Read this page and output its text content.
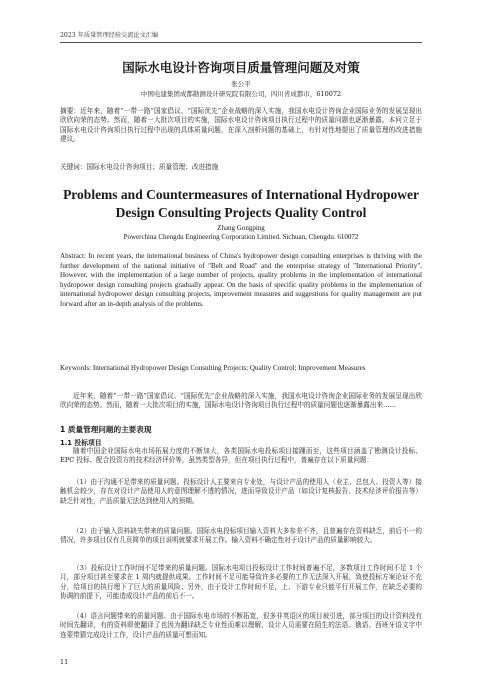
2023 年质量管理经验交流论文汇编
国际水电设计咨询项目质量管理问题及对策
张公平
中国电建集团成都勘测设计研究院有限公司，四川省成都市，610072
摘要：近年来，随着“一带一路”国家倡议、“国际优先”企业战略的深入实施，我国水电设计咨询企业国际业务的发展呈现出欣欣向荣的态势。然而，随着一大批次项目的实施，国际水电设计咨询项目执行过程中的质量问题也逐渐暴露。本问立足于国际水电设计咨询项目执行过程中出现的具体质量问题，在深入剖析问题的基础上，有针对性地提出了质量管理的改进措施建议。
关键词：国际水电设计咨询项目；质量管理；改进措施
Problems and Countermeasures of International Hydropower Design Consulting Projects Quality Control
Zhang Gongping
Powerchina Chengdu Engineering Corporation Limited. Sichuan, Chengdu. 610072
Abstract: In recent years, the international business of China's hydropower design consulting enterprises is thriving with the further development of the national initiative of "Belt and Road" and the enterprise strategy of "International Priority". However, with the implementation of a large number of projects, quality problems in the implementation of international hydropower design consulting projects gradually appear. On the basis of specific quality problems in the implementation of international hydropower design consulting projects, improvement measures and suggestions for quality management are put forward after an in-depth analysis of the problems.
Keywords: International Hydropower Design Consulting Projects; Quality Control; Improvement Measures
近年来，随着“一带一路”国家倡议、“国际优先”企业战略的深入实施，我国水电设计咨询企业国际业务的发展呈现出欣欣向荣的态势。然而，随着一大批次项目的实施，国际水电设计咨询项目执行过程中的质量问题也逐渐暴露出来……
1 质量管理问题的主要表现
1.1 投标项目
随着中国企业国际水电市场拓展力度的不断加大，各类国际水电投标项目接踵而至，这些项目涵盖了勘测设计投标、EPC 投标、配合投资方的技术经济评价等，虽然类型各异，但在项目执行过程中，普遍存在以下质量问题：
（1）由于沟通不足带来的质量问题。投标设计人主要来自专业处，与设计产品的使用人（业主、总包人、投资人等）接触机会较少，存在对设计产品使用人的意图理解不透的情况，进而导致设计产品（如设计复核报告、技术经济评价报告等）缺乏针对性，产品质量无法达到使用人的预期。
（2）由于输入资料缺失带来的质量问题。国际水电投标项目输入资料大多参差不齐，且普遍存在资料缺乏，前后不一的情况，许多项目仅有几页简单的项目说明就要求开展工作。输入资料不确定性对于设计产品的质量影响较大。
（3）投标设计工作时间不足带来的质量问题。国际水电项目投标设计工作时间普遍不足，多数项目工作时间不足 1 个月，部分项目甚至要求在 1 周内就提供成果。工作时间不足可能导致许多必要的工作无法深入开展，致使投标方案论证不充分，给项目的执行埋下了巨大的质量风险；另外，由于设计工作时间不足，上、下游专业只能平行开展工作，在缺乏必要的协调的前提下，可能造成设计产品的前后不一。
（4）语言问题带来的质量问题。由于国际水电市场的不断拓宽，很多非英语区的项目被引进，部分项目的设计资料没有时间先翻译，有的资料即使翻译了也因为翻译缺乏专业性而难以理解，设计人员需要在陌生的法语、俄语、西班牙语文字中连蒙带猜完成设计工作，设计产品的质量可想而知。
11
